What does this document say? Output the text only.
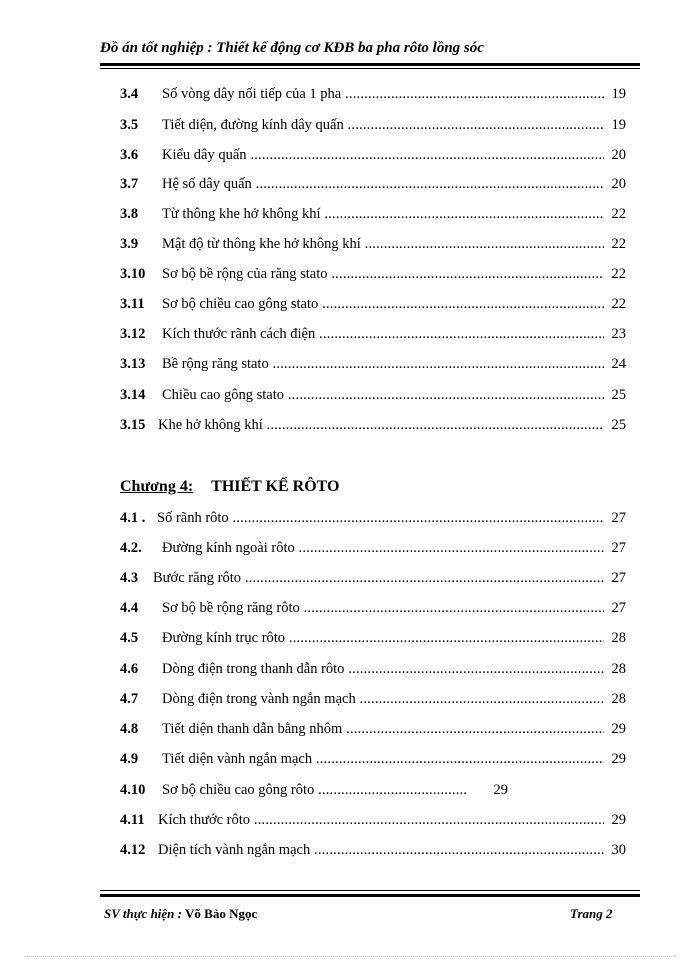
Đồ án tốt nghiệp : Thiết kế động cơ KĐB ba pha rôto lồng sóc
3.4 Số vòng dây nối tiếp của 1 pha .....	19
3.5 Tiết diện, đường kính dây quấn .....	19
3.6 Kiểu dây quấn .....	20
3.7 Hệ số dây quấn .....	20
3.8 Từ thông khe hở không khí .....	22
3.9 Mật độ từ thông khe hở không khí .....	22
3.10 Sơ bộ bề rộng của răng stato .....	22
3.11 Sơ bộ chiều cao gông stato .....	22
3.12 Kích thước rãnh cách điện .....	23
3.13 Bề rộng răng stato .....	24
3.14 Chiều cao gông stato .....	25
3.15 Khe hở không khí .....	25
Chương 4: THIẾT KẾ RÔTO
4.1 . Số rãnh rôto .....	27
4.2. Đường kính ngoài rôto .....	27
4.3 Bước răng rôto .....	27
4.4 Sơ bộ bề rộng răng rôto .....	27
4.5 Đường kính trục rôto .....	28
4.6 Dòng điện trong thanh dẫn rôto .....	28
4.7 Dòng điện trong vành ngắn mạch .....	28
4.8 Tiết diện thanh dẫn bằng nhôm .....	29
4.9 Tiết diện vành ngắn mạch .....	29
4.10 Sơ bộ chiều cao gông rôto .....	29
4.11 Kích thước rôto .....	29
4.12 Diện tích vành ngắn mạch .....	30
SV thực hiện : Võ Bảo Ngọc	Trang 2
